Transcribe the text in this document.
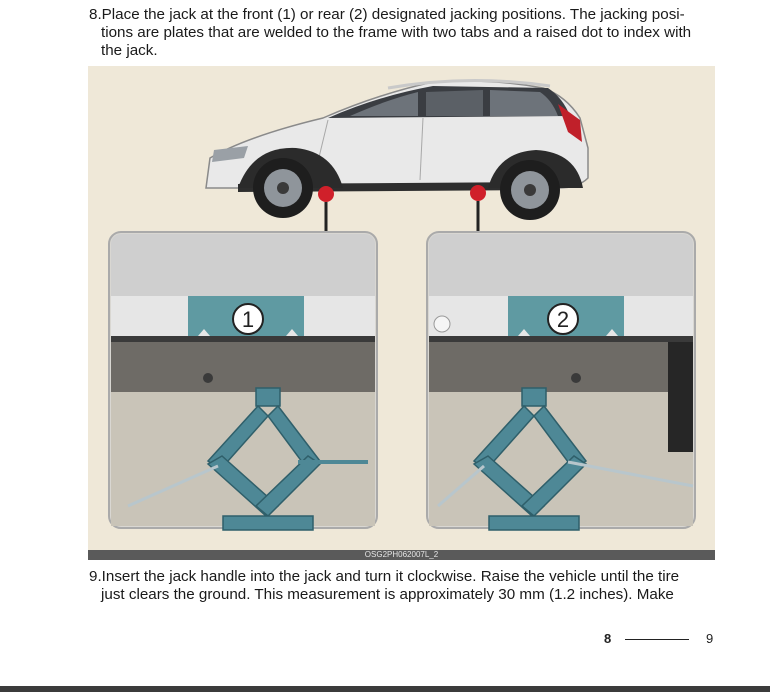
8.Place the jack at the front (1) or rear (2) designated jacking positions. The jacking posi-
tions are plates that are welded to the frame with two tabs and a raised dot to index with
the jack.
1	2
OSG2PH062007L_2
9.Insert the jack handle into the jack and turn it clockwise. Raise the vehicle until the tire
just clears the ground. This measurement is approximately 30 mm (1.2 inches). Make
8	9
